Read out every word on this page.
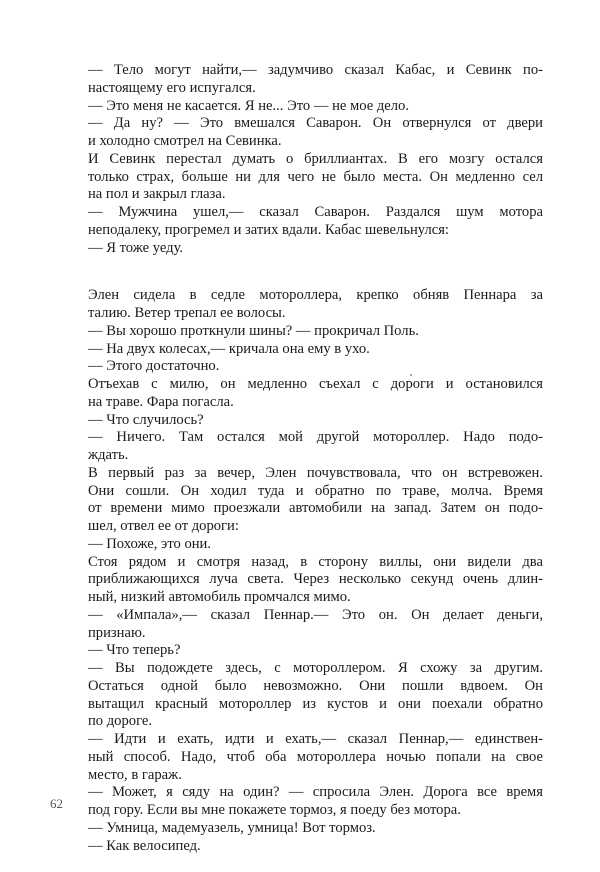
— Тело могут найти,— задумчиво сказал Кабас, и Севинк по-
настоящему его испугался.
— Это меня не касается. Я не... Это — не мое дело.
— Да ну? — Это вмешался Саварон. Он отвернулся от двери
и холодно смотрел на Севинка.
И Севинк перестал думать о бриллиантах. В его мозгу остался
только страх, больше ни для чего не было места. Он медленно сел
на пол и закрыл глаза.
— Мужчина ушел,— сказал Саварон. Раздался шум мотора
неподалеку, прогремел и затих вдали. Кабас шевельнулся:
— Я тоже уеду.
Элен сидела в седле мотороллера, крепко обняв Пеннара за
талию. Ветер трепал ее волосы.
— Вы хорошо проткнули шины? — прокричал Поль.
— На двух колесах,— кричала она ему в ухо.
— Этого достаточно.
Отъехав с милю, он медленно съехал с дороги и остановился
на траве. Фара погасла.
— Что случилось?
— Ничего. Там остался мой другой мотороллер. Надо подо-
ждать.
В первый раз за вечер, Элен почувствовала, что он встревожен.
Они сошли. Он ходил туда и обратно по траве, молча. Время
от времени мимо проезжали автомобили на запад. Затем он подо-
шел, отвел ее от дороги:
— Похоже, это они.
Стоя рядом и смотря назад, в сторону виллы, они видели два
приближающихся луча света. Через несколько секунд очень длин-
ный, низкий автомобиль промчался мимо.
— «Импала»,— сказал Пеннар.— Это он. Он делает деньги,
признаю.
— Что теперь?
— Вы подождете здесь, с мотороллером. Я схожу за другим.
Остаться одной было невозможно. Они пошли вдвоем. Он
вытащил красный мотороллер из кустов и они поехали обратно
по дороге.
— Идти и ехать, идти и ехать,— сказал Пеннар,— единствен-
ный способ. Надо, чтоб оба мотороллера ночью попали на свое
место, в гараж.
— Может, я сяду на один? — спросила Элен. Дорога все время
под гору. Если вы мне покажете тормоз, я поеду без мотора.
— Умница, мадемуазель, умница! Вот тормоз.
— Как велосипед.
62
